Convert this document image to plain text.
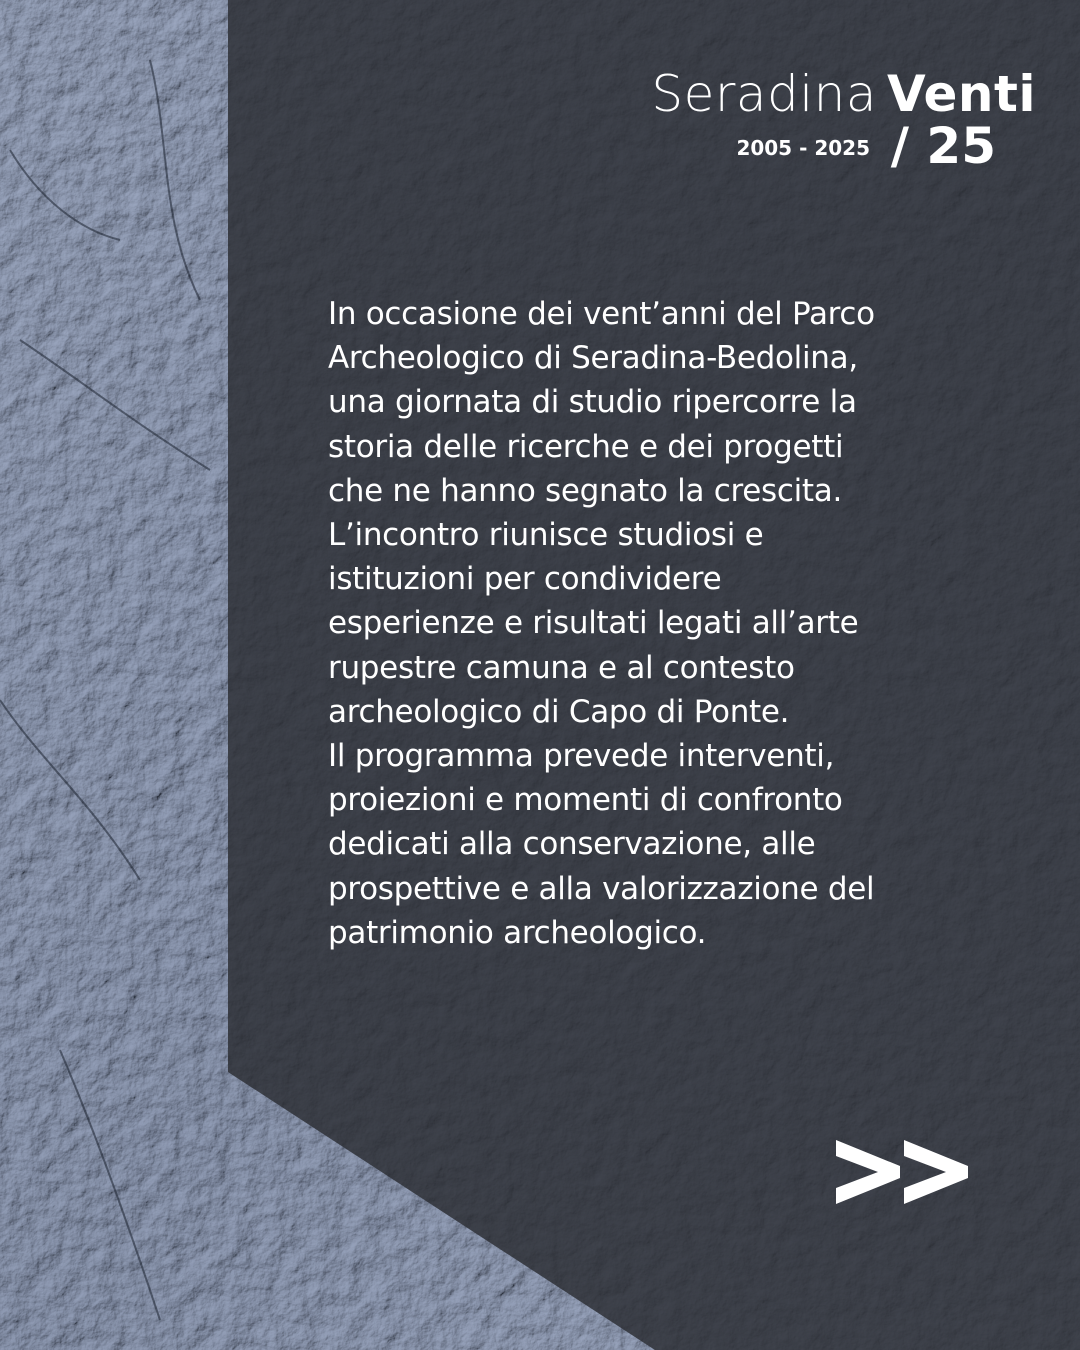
Seradina Venti
2005 - 2025 / 25
In occasione dei vent’anni del Parco
Archeologico di Seradina-Bedolina,
una giornata di studio ripercorre la
storia delle ricerche e dei progetti
che ne hanno segnato la crescita.
L’incontro riunisce studiosi e
istituzioni per condividere
esperienze e risultati legati all’arte
rupestre camuna e al contesto
archeologico di Capo di Ponte.
Il programma prevede interventi,
proiezioni e momenti di confronto
dedicati alla conservazione, alle
prospettive e alla valorizzazione del
patrimonio archeologico.
